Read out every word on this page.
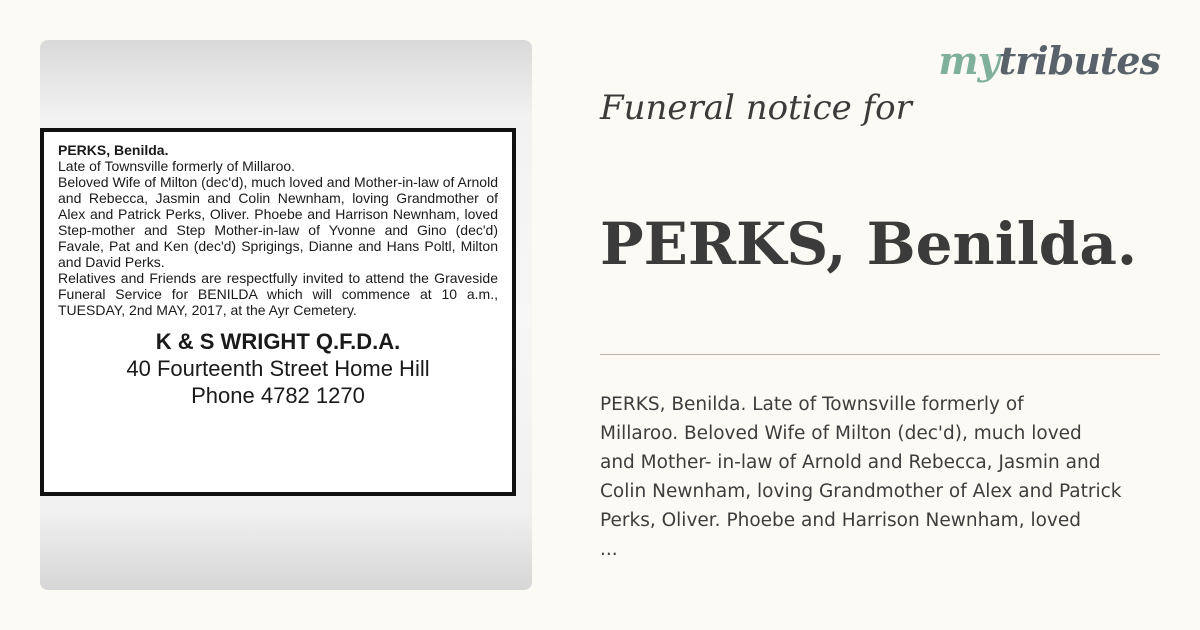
PERKS, Benilda.
Late of Townsville formerly of Millaroo.
Beloved Wife of Milton (dec'd), much loved and Mother-in-law of Arnold and Rebecca, Jasmin and Colin Newnham, loving Grandmother of Alex and Patrick Perks, Oliver. Phoebe and Harrison Newnham, loved Step-mother and Step Mother-in-law of Yvonne and Gino (dec'd) Favale, Pat and Ken (dec'd) Sprigings, Dianne and Hans Poltl, Milton and David Perks.
Relatives and Friends are respectfully invited to attend the Graveside Funeral Service for BENILDA which will commence at 10 a.m., TUESDAY, 2nd MAY, 2017, at the Ayr Cemetery.
K & S WRIGHT Q.F.D.A.
40 Fourteenth Street Home Hill
Phone 4782 1270
mytributes
Funeral notice for
PERKS, Benilda.
PERKS, Benilda. Late of Townsville formerly of
Millaroo. Beloved Wife of Milton (dec'd), much loved
and Mother- in-law of Arnold and Rebecca, Jasmin and
Colin Newnham, loving Grandmother of Alex and Patrick
Perks, Oliver. Phoebe and Harrison Newnham, loved
...
